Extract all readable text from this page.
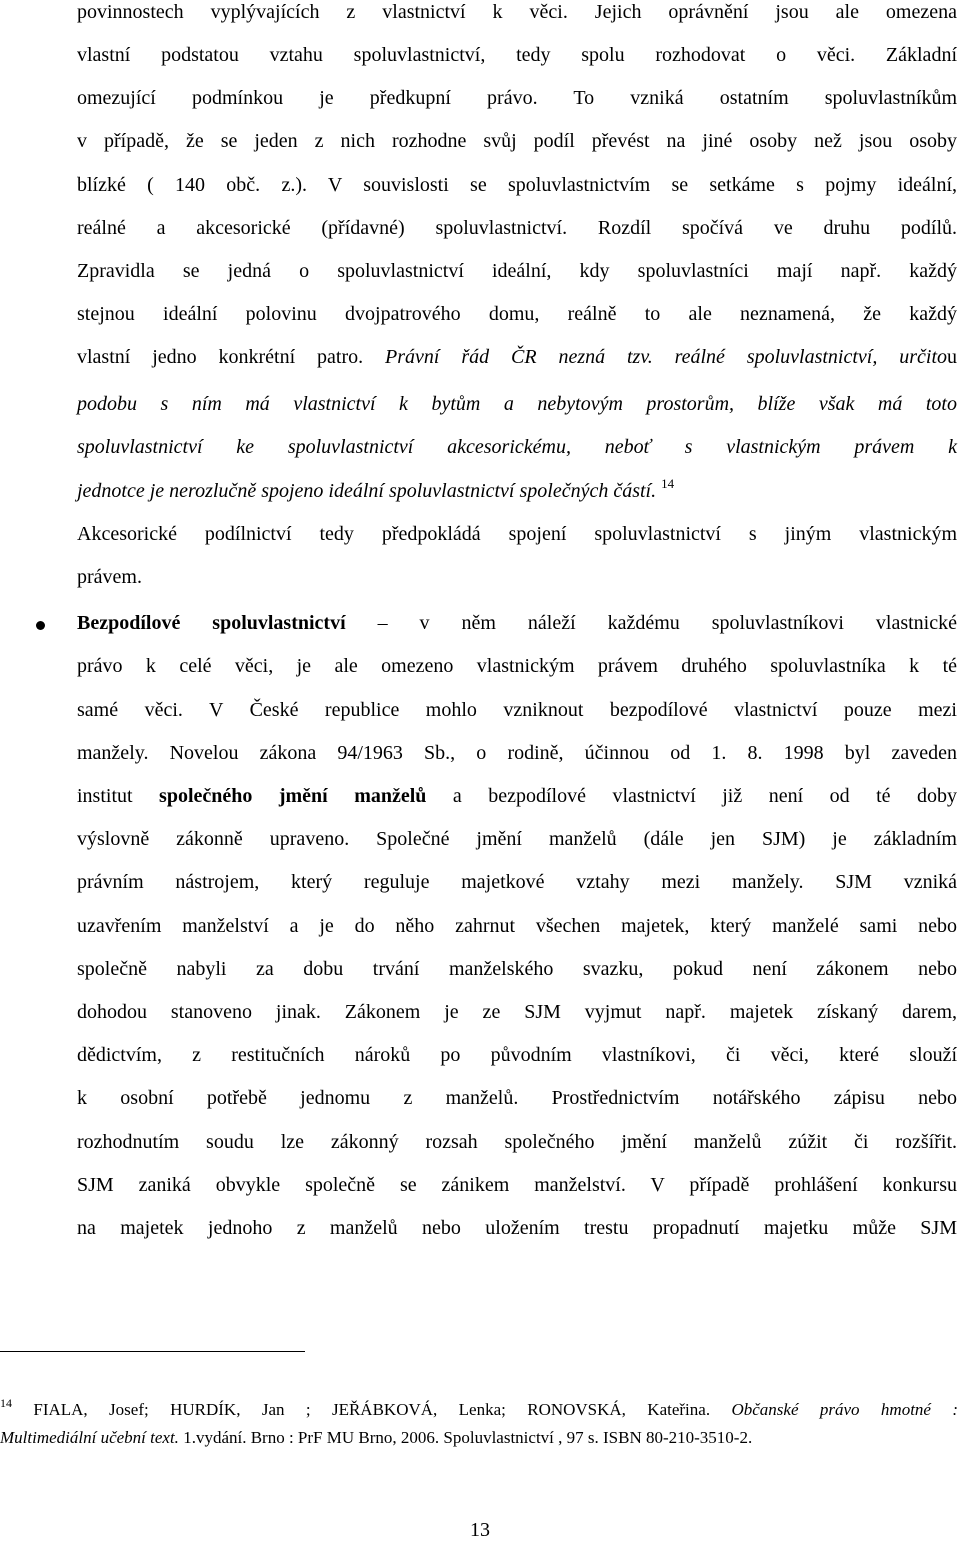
povinnostech vyplývajících z vlastnictví k věci. Jejich oprávnění jsou ale omezena
vlastní podstatou vztahu spoluvlastnictví, tedy spolu rozhodovat o věci. Základní
omezující podmínkou je předkupní právo. To vzniká ostatním spoluvlastníkům
v případě, že se jeden z nich rozhodne svůj podíl převést na jiné osoby než jsou osoby
blízké ( 140 obč. z.). V souvislosti se spoluvlastnictvím se setkáme s pojmy ideální,
reálné a akcesorické (přídavné) spoluvlastnictví. Rozdíl spočívá ve druhu podílů.
Zpravidla se jedná o spoluvlastnictví ideální, kdy spoluvlastníci mají např. každý
stejnou ideální polovinu dvojpatrového domu, reálně to ale neznamená, že každý
vlastní jedno konkrétní patro. Právní řád ČR nezná tzv. reálné spoluvlastnictví, určitou
podobu s ním má vlastnictví k bytům a nebytovým prostorům, blíže však má toto
spoluvlastnictví ke spoluvlastnictví akcesorickému, neboť s vlastnickým právem k
jednotce je nerozlučně spojeno ideální spoluvlastnictví společných částí. $^{14}$
Akcesorické podílnictví tedy předpokládá spojení spoluvlastnictví s jiným vlastnickým
právem.
Bezpodílové spoluvlastnictví – v něm náleží každému spoluvlastníkovi vlastnické
právo k celé věci, je ale omezeno vlastnickým právem druhého spoluvlastníka k té
samé věci. V České republice mohlo vzniknout bezpodílové vlastnictví pouze mezi
manžely. Novelou zákona 94/1963 Sb., o rodině, účinnou od 1. 8. 1998 byl zaveden
institut společného jmění manželů a bezpodílové vlastnictví již není od té doby
výslovně zákonně upraveno. Společné jmění manželů (dále jen SJM) je základním
právním nástrojem, který reguluje majetkové vztahy mezi manžely. SJM vzniká
uzavřením manželství a je do něho zahrnut všechen majetek, který manželé sami nebo
společně nabyli za dobu trvání manželského svazku, pokud není zákonem nebo
dohodou stanoveno jinak. Zákonem je ze SJM vyjmut např. majetek získaný darem,
dědictvím, z restitučních nároků po původním vlastníkovi, či věci, které slouží
k osobní potřebě jednomu z manželů. Prostřednictvím notářského zápisu nebo
rozhodnutím soudu lze zákonný rozsah společného jmění manželů zúžit či rozšířit.
SJM zaniká obvykle společně se zánikem manželství. V případě prohlášení konkursu
na majetek jednoho z manželů nebo uložením trestu propadnutí majetku může SJM
$^{14}$ FIALA, Josef; HURDÍK, Jan ; JEŘÁBKOVÁ, Lenka; RONOVSKÁ, Kateřina. Občanské právo hmotné :
Multimediální učební text. 1.vydání. Brno : PrF MU Brno, 2006. Spoluvlastnictví , 97 s. ISBN 80-210-3510-2.
13
